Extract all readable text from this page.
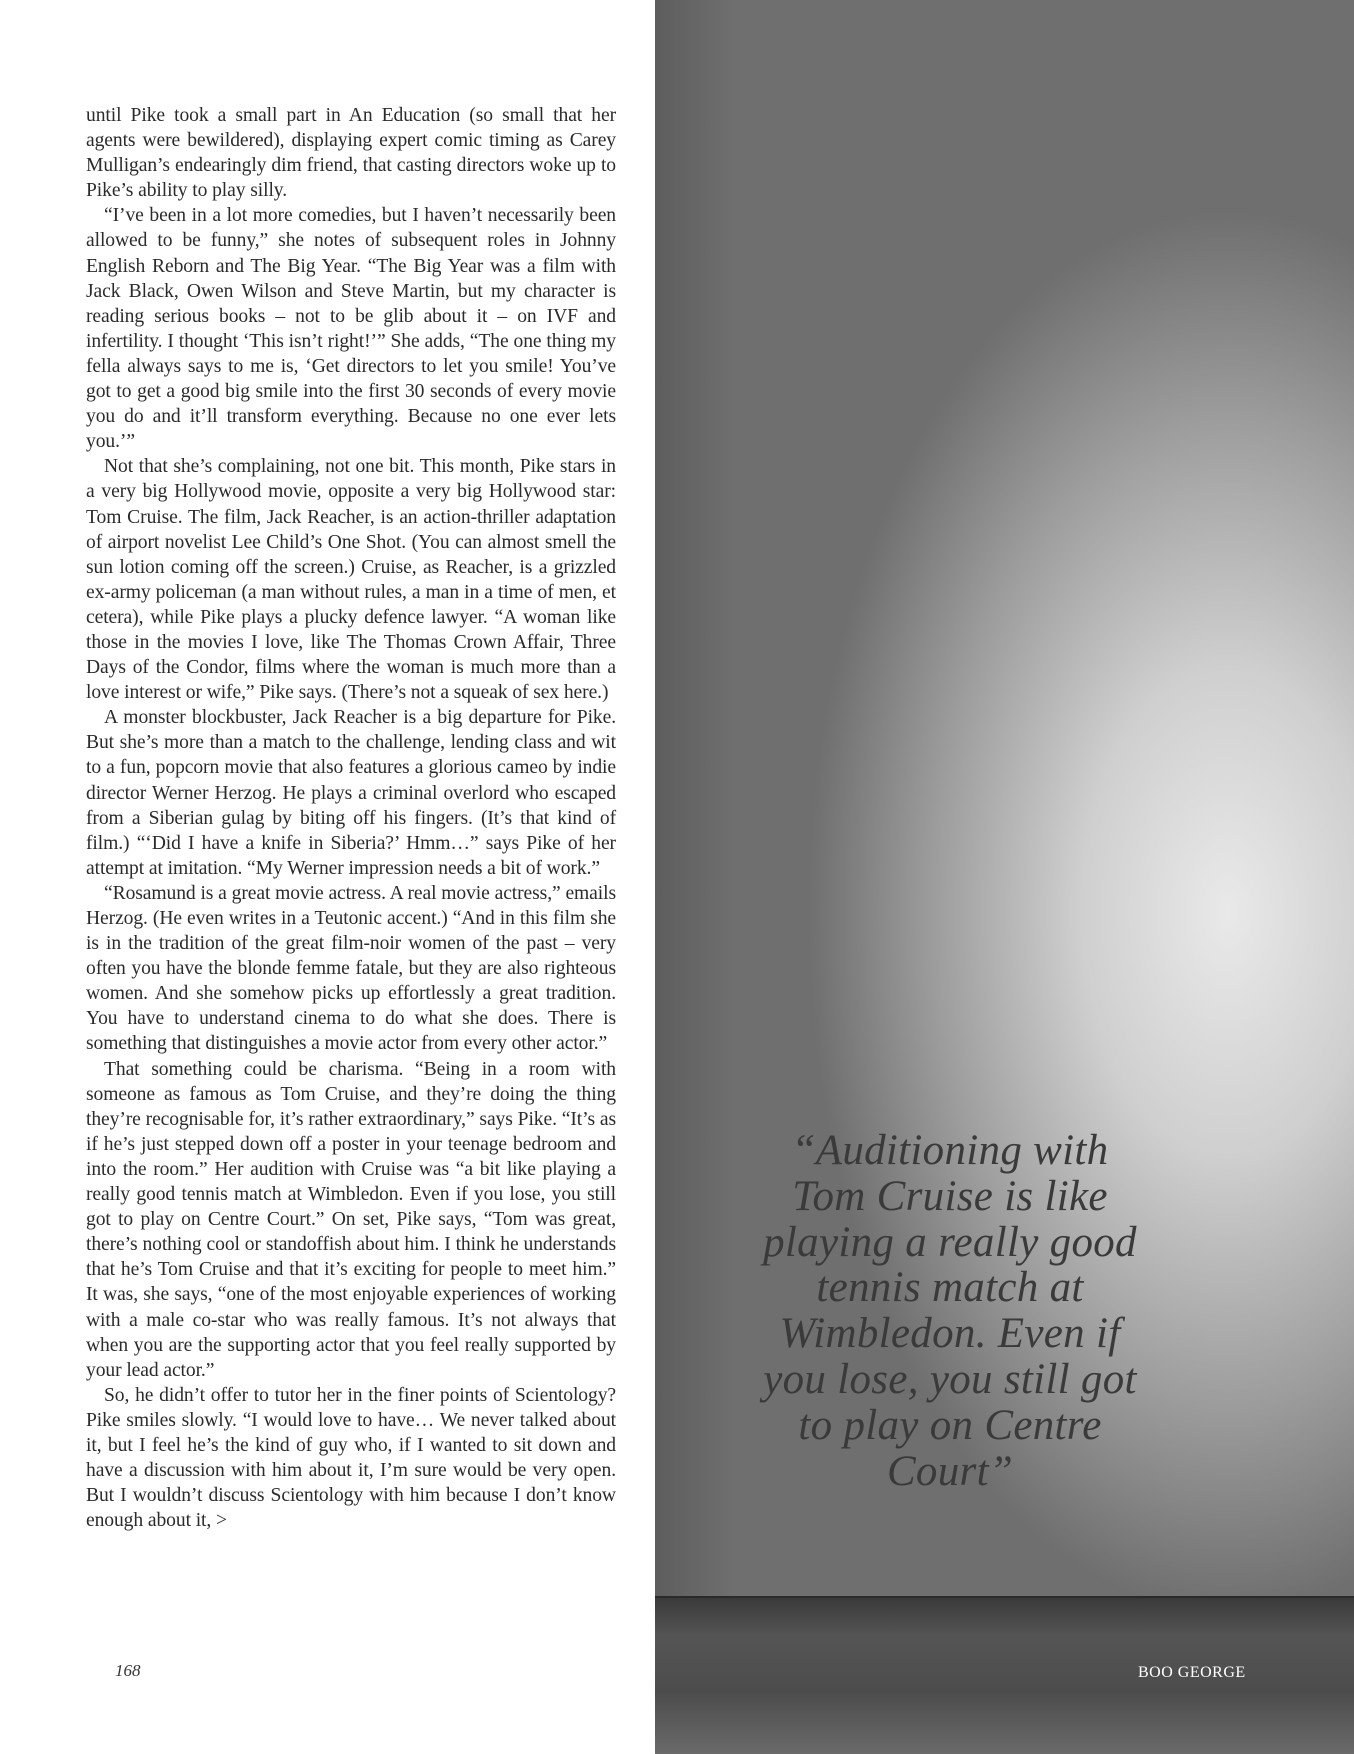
until Pike took a small part in An Education (so small that her agents were bewildered), displaying expert comic timing as Carey Mulligan’s endearingly dim friend, that casting directors woke up to Pike’s ability to play silly.

“I’ve been in a lot more comedies, but I haven’t necessarily been allowed to be funny,” she notes of subsequent roles in Johnny English Reborn and The Big Year. “The Big Year was a film with Jack Black, Owen Wilson and Steve Martin, but my character is reading serious books – not to be glib about it – on IVF and infertility. I thought ‘This isn’t right!’” She adds, “The one thing my fella always says to me is, ‘Get directors to let you smile! You’ve got to get a good big smile into the first 30 seconds of every movie you do and it’ll transform everything. Because no one ever lets you.’”

Not that she’s complaining, not one bit. This month, Pike stars in a very big Hollywood movie, opposite a very big Hollywood star: Tom Cruise. The film, Jack Reacher, is an action-thriller adaptation of airport novelist Lee Child’s One Shot. (You can almost smell the sun lotion coming off the screen.) Cruise, as Reacher, is a grizzled ex-army policeman (a man without rules, a man in a time of men, et cetera), while Pike plays a plucky defence lawyer. “A woman like those in the movies I love, like The Thomas Crown Affair, Three Days of the Condor, films where the woman is much more than a love interest or wife,” Pike says. (There’s not a squeak of sex here.)

A monster blockbuster, Jack Reacher is a big departure for Pike. But she’s more than a match to the challenge, lending class and wit to a fun, popcorn movie that also features a glorious cameo by indie director Werner Herzog. He plays a criminal overlord who escaped from a Siberian gulag by biting off his fingers. (It’s that kind of film.) “‘Did I have a knife in Siberia?’ Hmm…” says Pike of her attempt at imitation. “My Werner impression needs a bit of work.”

“Rosamund is a great movie actress. A real movie actress,” emails Herzog. (He even writes in a Teutonic accent.) “And in this film she is in the tradition of the great film-noir women of the past – very often you have the blonde femme fatale, but they are also righteous women. And she somehow picks up effortlessly a great tradition. You have to understand cinema to do what she does. There is something that distinguishes a movie actor from every other actor.”

That something could be charisma. “Being in a room with someone as famous as Tom Cruise, and they’re doing the thing they’re recognisable for, it’s rather extraordinary,” says Pike. “It’s as if he’s just stepped down off a poster in your teenage bedroom and into the room.” Her audition with Cruise was “a bit like playing a really good tennis match at Wimbledon. Even if you lose, you still got to play on Centre Court.” On set, Pike says, “Tom was great, there’s nothing cool or standoffish about him. I think he understands that he’s Tom Cruise and that it’s exciting for people to meet him.” It was, she says, “one of the most enjoyable experiences of working with a male co-star who was really famous. It’s not always that when you are the supporting actor that you feel really supported by your lead actor.”

So, he didn’t offer to tutor her in the finer points of Scientology? Pike smiles slowly. “I would love to have… We never talked about it, but I feel he’s the kind of guy who, if I wanted to sit down and have a discussion with him about it, I’m sure would be very open. But I wouldn’t discuss Scientology with him because I don’t know enough about it, >

168
“Auditioning with Tom Cruise is like playing a really good tennis match at Wimbledon. Even if you lose, you still got to play on Centre Court”
BOO GEORGE
